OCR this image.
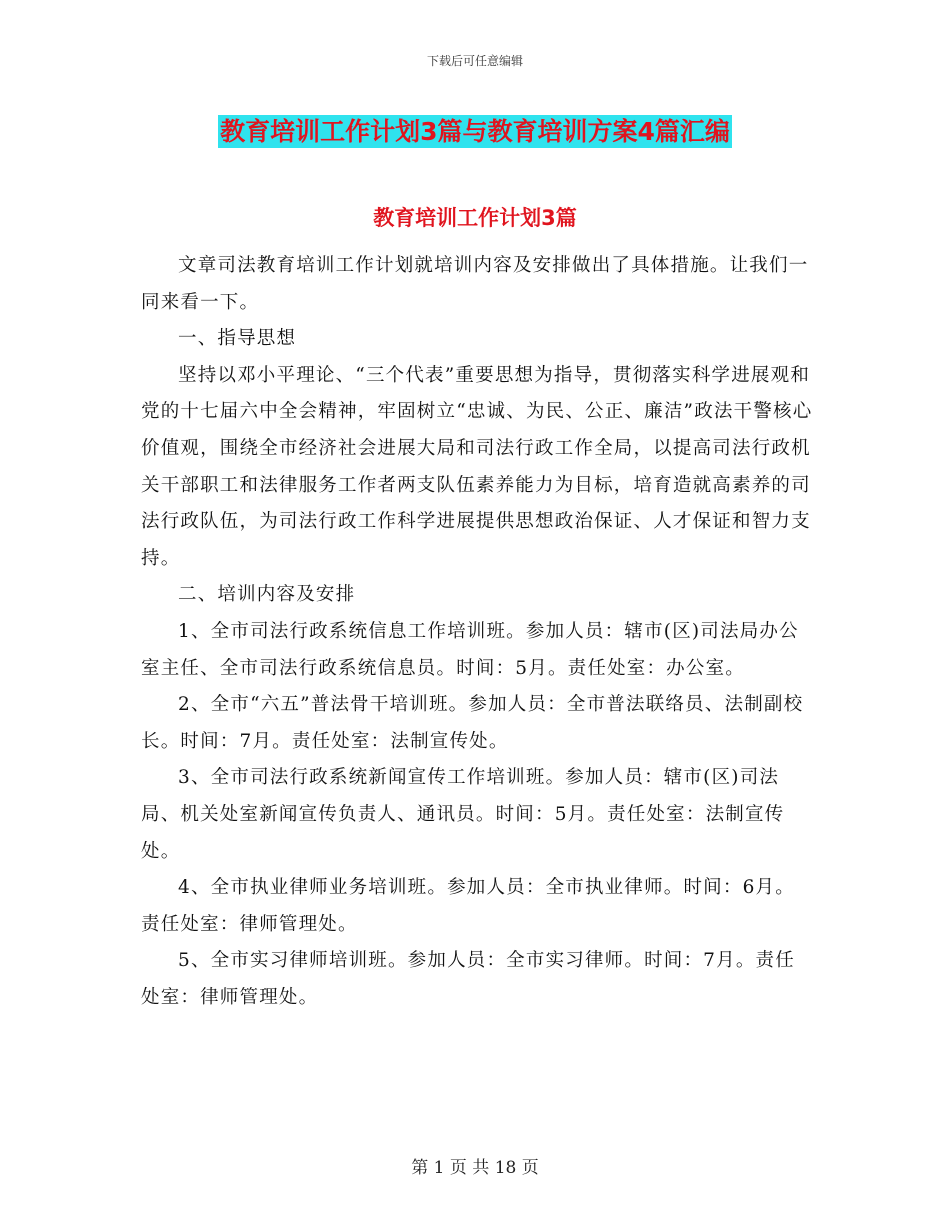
下载后可任意编辑
教育培训工作计划3篇与教育培训方案4篇汇编
教育培训工作计划3篇

文章司法教育培训工作计划就培训内容及安排做出了具体措施。让我们一同来看一下。

一、指导思想

坚持以邓小平理论、“三个代表”重要思想为指导，贯彻落实科学进展观和党的十七届六中全会精神，牢固树立“忠诚、为民、公正、廉洁”政法干警核心价值观，围绕全市经济社会进展大局和司法行政工作全局，以提高司法行政机关干部职工和法律服务工作者两支队伍素养能力为目标，培育造就高素养的司法行政队伍，为司法行政工作科学进展提供思想政治保证、人才保证和智力支持。

二、培训内容及安排

1、全市司法行政系统信息工作培训班。参加人员：辖市(区)司法局办公室主任、全市司法行政系统信息员。时间：5月。责任处室：办公室。

2、全市“六五”普法骨干培训班。参加人员：全市普法联络员、法制副校长。时间：7月。责任处室：法制宣传处。

3、全市司法行政系统新闻宣传工作培训班。参加人员：辖市(区)司法局、机关处室新闻宣传负责人、通讯员。时间：5月。责任处室：法制宣传处。

4、全市执业律师业务培训班。参加人员：全市执业律师。时间：6月。责任处室：律师管理处。

5、全市实习律师培训班。参加人员：全市实习律师。时间：7月。责任处室：律师管理处。

第 1 页 共 18 页
